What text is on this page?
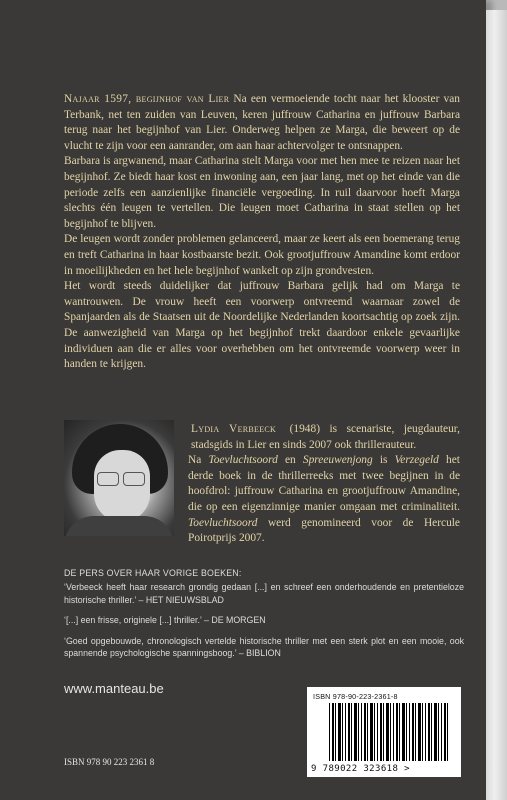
Najaar 1597, begijnhof van Lier Na een vermoeiende tocht naar het klooster van Terbank, net ten zuiden van Leuven, keren juffrouw Catharina en juffrouw Barbara terug naar het begijnhof van Lier. Onderweg helpen ze Marga, die beweert op de vlucht te zijn voor een aanrander, om aan haar achtervolger te ontsnappen.

Barbara is argwanend, maar Catharina stelt Marga voor met hen mee te reizen naar het begijnhof. Ze biedt haar kost en inwoning aan, een jaar lang, met op het einde van die periode zelfs een aanzienlijke financiële vergoeding. In ruil daarvoor hoeft Marga slechts één leugen te vertellen. Die leugen moet Catharina in staat stellen op het begijnhof te blijven.

De leugen wordt zonder problemen gelanceerd, maar ze keert als een boemerang terug en treft Catharina in haar kostbaarste bezit. Ook grootjuffrouw Amandine komt erdoor in moeilijkheden en het hele begijnhof wankelt op zijn grondvesten.

Het wordt steeds duidelijker dat juffrouw Barbara gelijk had om Marga te wantrouwen. De vrouw heeft een voorwerp ontvreemd waarnaar zowel de Spanjaarden als de Staatsen uit de Noordelijke Nederlanden koortsachtig op zoek zijn. De aanwezigheid van Marga op het begijnhof trekt daardoor enkele gevaarlijke individuen aan die er alles voor overhebben om het ontvreemde voorwerp weer in handen te krijgen.

Lydia Verbeeck (1948) is scenariste, jeugdauteur, stadsgids in Lier en sinds 2007 ook thrillerauteur.

Na Toevluchtsoord en Spreeuwenjong is Verzegeld het derde boek in de thrillerreeks met twee begijnen in de hoofdrol: juffrouw Catharina en grootjuffrouw Amandine, die op een eigenzinnige manier omgaan met criminaliteit. Toevluchtsoord werd genomineerd voor de Hercule Poirotprijs 2007.

DE PERS OVER HAAR VORIGE BOEKEN:

‘Verbeeck heeft haar research grondig gedaan [...] en schreef een onderhoudende en pretentieloze historische thriller.’ – HET NIEUWSBLAD

‘[...] een frisse, originele [...] thriller.’ – DE MORGEN

‘Goed opgebouwde, chronologisch vertelde historische thriller met een sterk plot en een mooie, ook spannende psychologische spanningsboog.’ – BIBLION

www.manteau.be
ISBN 978 90 223 2361 8
ISBN 978-90-223-2361-8
9 789022 323618 >
